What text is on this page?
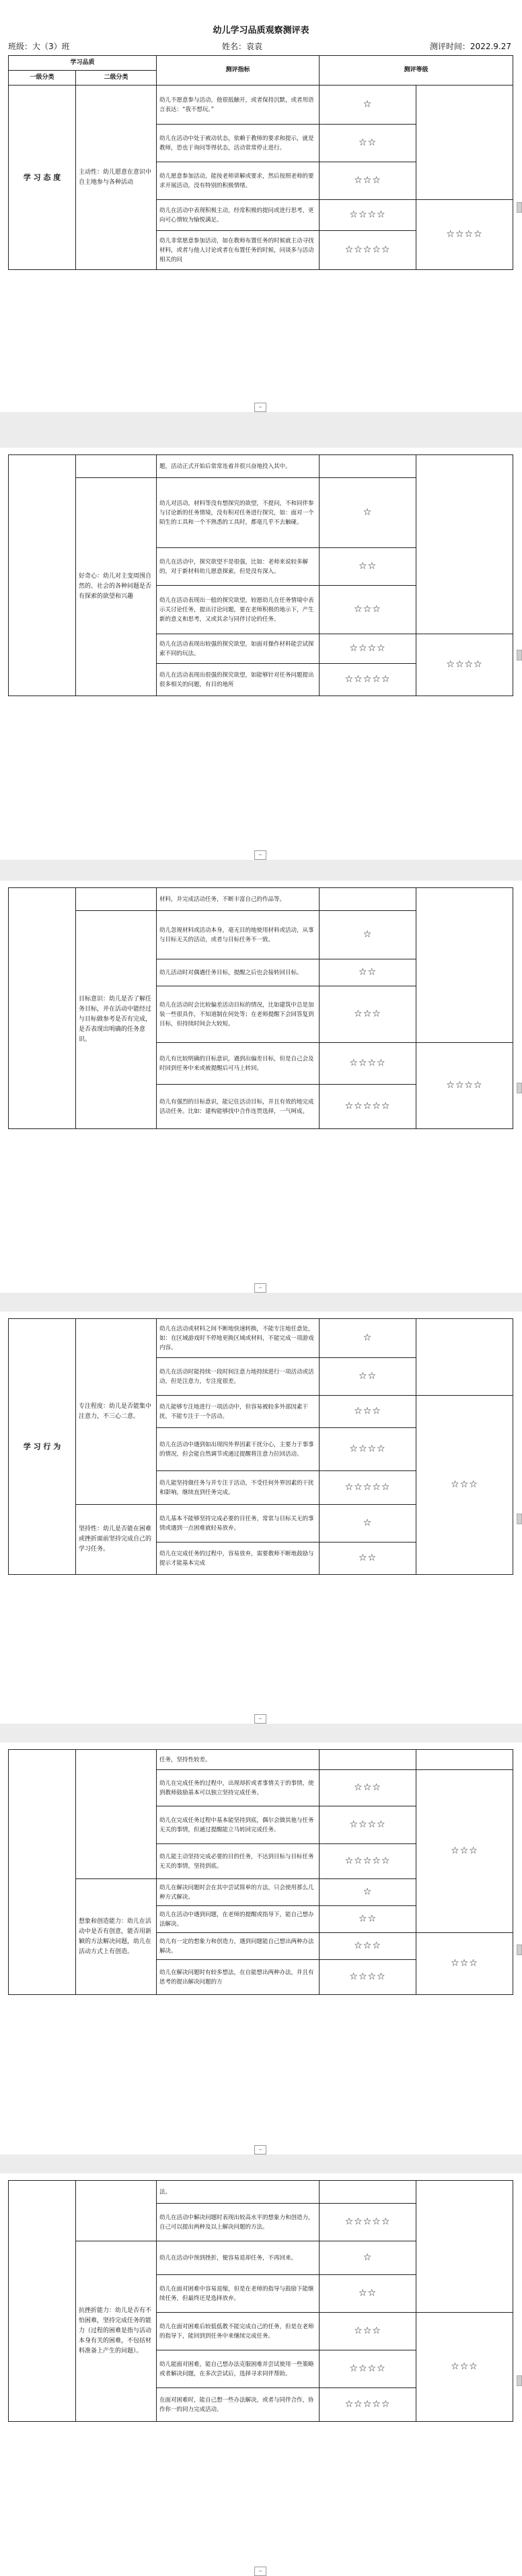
幼儿学习品质观察测评表
班级：大（3）班	姓名：袁袁	测评时间：2022.9.27
学习品质		测评指标	测评等级	
一级分类	二级分类			
学 习 态 度	主动性：幼儿愿意在意识中自主地参与各种活动	幼儿不愿意参与活动，他很抵触开，或者保持沉默，或者用语言表达：“我不想玩。”	☆	
		幼儿在活动中处于被动状态，依赖于教师的要求和提示，就是教师，恐也于询问等得状态，活动常常停止进行。	☆☆	
		幼儿愿意参加活动，能按老师讲解或要求，然后按照老师的要求开展活动，没有特别的积极情绪。	☆☆☆	
		幼儿在活动中表现积极主动，经常积极的提问或进行思考，更向可心情较为愉悦满足。	☆☆☆☆	☆☆☆☆
		幼儿非常愿意参加活动，如在教师布置任务的时候就主动寻找材料，或者与他人讨论或者在布置任务的时候，问谈多与活动相关的问	☆☆☆☆☆	
−
		题，活动正式开始后常常连着并很兴奋地投入其中。		
	好奇心：幼儿对主变周围自然的、社会的各种问题是否有探索的欲望和兴趣	幼儿对活动，材料等没有想探究的欲望，不提问，不和同伴参与讨论新的任务情境，没有积对任务进行探究，如：面对一个陌生的工具和一个不熟悉的工具时，都毫几乎不去触碰。	☆	
		幼儿在活动中，探究欲望不是很强，比如：老师来说较多解的，对于新材料幼儿愿意探索，但是没有深入。	☆☆	
		幼儿在活动表现出一般的探究欲望，较愿幼儿在任务情境中表示关讨论任务，提出讨论问题，要在老师积极的地示下，产生新的意义和思考，又或其余与同伴讨论的任务。	☆☆☆	
		幼儿在活动表现出较强的探究欲望，如面对操作材料能尝试探索不同的玩法。	☆☆☆☆	☆☆☆☆
		幼儿在活动表现出很强的探究欲望，如能够针对任务问题提出很多相关的问题，有目的地所	☆☆☆☆☆	
−
		材料，并完成活动任务，不断丰富自己的作品等。		
	目标意识：幼儿是否了解任务目标，并在活动中能经过与目标做参考是否有完成，是否表现出明确的任务意识。	幼儿忽视材料或活动本身，毫无目的地使用材料或活动，从事与目标无关的活动，或者与目标任务不一致。	☆	
		幼儿活动时对偶遇任务目标，提醒之后也会接转回目标。	☆☆	
		幼儿在活动时会比较偏差活动目标的情况，比如建筑中总是加装一些很具作，不知道制在何处等；在老师提醒下会回答复到目标，但持续时间会大较短。	☆☆☆	
		幼儿有比较明确的目标意识，遇到出偏差目标，但是自己会及时回到任务中来或被提醒后可马上转回。	☆☆☆☆	☆☆☆☆
		幼儿有强烈的目标意识，能记住活动目标，并且有效的地完成活动任务。比如：建构能够找中合作连贯选择，一气呵成。	☆☆☆☆☆	
−
学 习 行 为	专注程度：幼儿是否能集中注意力，不三心二意。	幼儿在活动或材料之间不断地快速转换，不能专注地任意处，如：在区域游戏时不停地更换区域或材料，不能完成一项游戏内容。	☆	
		幼儿在活动时能持续一段时间注意力地持续进行一项活动或活动，但是注意力，专注度很差。	☆☆	
		幼儿能够专注地进行一项活动中，但容易被较多外部因素干扰，不能专注于一个活动。	☆☆☆	☆☆☆
		幼儿在活动中遇到如出现四外界因素干扰分心，主要力于事事的情况，但会能自然调节或通过提醒将注意力拉回活动。	☆☆☆☆	
		幼儿能坚持做任务与并专注于活动，不受任何外界因素的干扰和影响，继续直到任务完成。	☆☆☆☆☆	
	坚持性：幼儿是否能在困难或挫折面前坚持完成自己的学习任务。	幼儿基本不能够坚持完成必要的目任务，常常与目标关无的事情或遇到一点困难就轻易放弃。	☆	
		幼儿在完成任务的过程中，容易放弃，需要教师不断地鼓励与提示才能基本完成	☆☆	
−
		任务，坚持性较差。		
		幼儿在完成任务的过程中，出现却折或者事情关于的事情，使到教师鼓励基本可以独立坚持完成任务。	☆☆☆	☆☆☆
		幼儿在完成任务过程中基本能坚持到底，偶尔会做其他与任务无关的事情，但通过提醒能立马转回完成任务。	☆☆☆☆	
		幼儿能主动坚持完成必要的目的任务，不达到目标与目标任务无关的事情，坚持到底。	☆☆☆☆☆	
	想象和创造能力：幼儿在活动中是否有创意，能否用新颖的方法解决问题，幼儿在活动方式上有创造。	幼儿在解决问题时会在其中尝试简单的方法，只会使用那么几种方式解决。	☆	
		幼儿在活动中遇到问题，在老师的提醒或指导下，能自己想办法解决。	☆☆	
		幼儿有一定的想象力和创造力，遇到问题能自己想出两种办法解决。	☆☆☆	☆☆☆
		幼儿在解决问题时有较多想法，在自能想出两种办法，并且有思考的提出解决问题的方	☆☆☆☆	
−
		法。		
		幼儿在活动中解决问题时表现出较高水平的想象力和创造力，自己可以提出两种及以上解决问题的方法。	☆☆☆☆☆	
	抗挫折能力：幼儿是否有不怕困难，坚持完成任务的能力（过程的困难是指与活动本身有关的困难，不包括材料准备上产生的问题）。	幼儿在活动中预到挫折，便容易退却任务，不再回来。	☆	
		幼儿在面对困难中容易退缩，但是在老师的指导与鼓励下能继续任务，但最终还是选择放弃。	☆☆	
		幼儿在面对困难后较低低教不能完成自己的任务，但是在老师的指导下，能回到到任务中来继续完成任务。	☆☆☆	☆☆☆
		幼儿能面对困难，能自己想办法克服困难并尝试使用一些策略或者解决问题，在多次尝试后，选择寻求同伴帮助。	☆☆☆☆	
		在面对困难时，能自己想一些办法解决，或者与同伴合作，协作你一的同力完成活动。	☆☆☆☆☆	
−
